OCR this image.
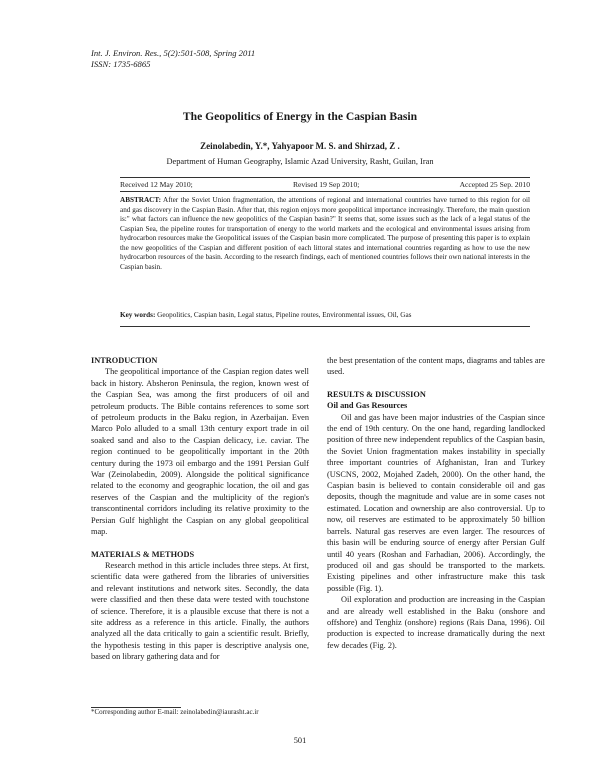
Int. J. Environ. Res., 5(2):501-508, Spring 2011
ISSN: 1735-6865
The Geopolitics of Energy in the Caspian Basin
Zeinolabedin, Y.*, Yahyapoor M. S. and Shirzad, Z .
Department of Human Geography, Islamic Azad University, Rasht, Guilan, Iran
Received 12 May 2010;	Revised 19 Sep 2010;	Accepted 25 Sep. 2010
ABSTRACT: After the Soviet Union fragmentation, the attentions of regional and international countries have turned to this region for oil and gas discovery in the Caspian Basin. After that, this region enjoys more geopolitical importance increasingly. Therefore, the main question is:" what factors can influence the new geopolitics of the Caspian basin?" It seems that, some issues such as the lack of a legal status of the Caspian Sea, the pipeline routes for transportation of energy to the world markets and the ecological and environmental issues arising from hydrocarbon resources make the Geopolitical issues of the Caspian basin more complicated. The purpose of presenting this paper is to explain the new geopolitics of the Caspian and different position of each littoral states and international countries regarding as how to use the new hydrocarbon resources of the basin. According to the research findings, each of mentioned countries follows their own national interests in the Caspian basin.
Key words: Geopolitics, Caspian basin, Legal status, Pipeline routes, Environmental issues, Oil, Gas
INTRODUCTION

The geopolitical importance of the Caspian region dates well back in history. Absheron Peninsula, the region, known west of the Caspian Sea, was among the first producers of oil and petroleum products. The Bible contains references to some sort of petroleum products in the Baku region, in Azerbaijan. Even Marco Polo alluded to a small 13th century export trade in oil soaked sand and also to the Caspian delicacy, i.e. caviar. The region continued to be geopolitically important in the 20th century during the 1973 oil embargo and the 1991 Persian Gulf War (Zeinolabedin, 2009). Alongside the political significance related to the economy and geographic location, the oil and gas reserves of the Caspian and the multiplicity of the region's transcontinental corridors including its relative proximity to the Persian Gulf highlight the Caspian on any global geopolitical map.

MATERIALS & METHODS

Research method in this article includes three steps. At first, scientific data were gathered from the libraries of universities and relevant institutions and network sites. Secondly, the data were classified and then these data were tested with touchstone of science. Therefore, it is a plausible excuse that there is not a site address as a reference in this article. Finally, the authors analyzed all the data critically to gain a scientific result. Briefly, the hypothesis testing in this paper is descriptive analysis one, based on library gathering data and for

the best presentation of the content maps, diagrams and tables are used.

RESULTS & DISCUSSION
Oil and Gas Resources

Oil and gas have been major industries of the Caspian since the end of 19th century. On the one hand, regarding landlocked position of three new independent republics of the Caspian basin, the Soviet Union fragmentation makes instability in specially three important countries of Afghanistan, Iran and Turkey (USCNS, 2002, Mojahed Zadeh, 2000). On the other hand, the Caspian basin is believed to contain considerable oil and gas deposits, though the magnitude and value are in some cases not estimated. Location and ownership are also controversial. Up to now, oil reserves are estimated to be approximately 50 billion barrels. Natural gas reserves are even larger. The resources of this basin will be enduring source of energy after Persian Gulf until 40 years (Roshan and Farhadian, 2006). Accordingly, the produced oil and gas should be transported to the markets. Existing pipelines and other infrastructure make this task possible (Fig. 1).

Oil exploration and production are increasing in the Caspian and are already well established in the Baku (onshore and offshore) and Tenghiz (onshore) regions (Rais Dana, 1996). Oil production is expected to increase dramatically during the next few decades (Fig. 2).

*Corresponding author E-mail: zeinolabedin@iaurasht.ac.ir
501
